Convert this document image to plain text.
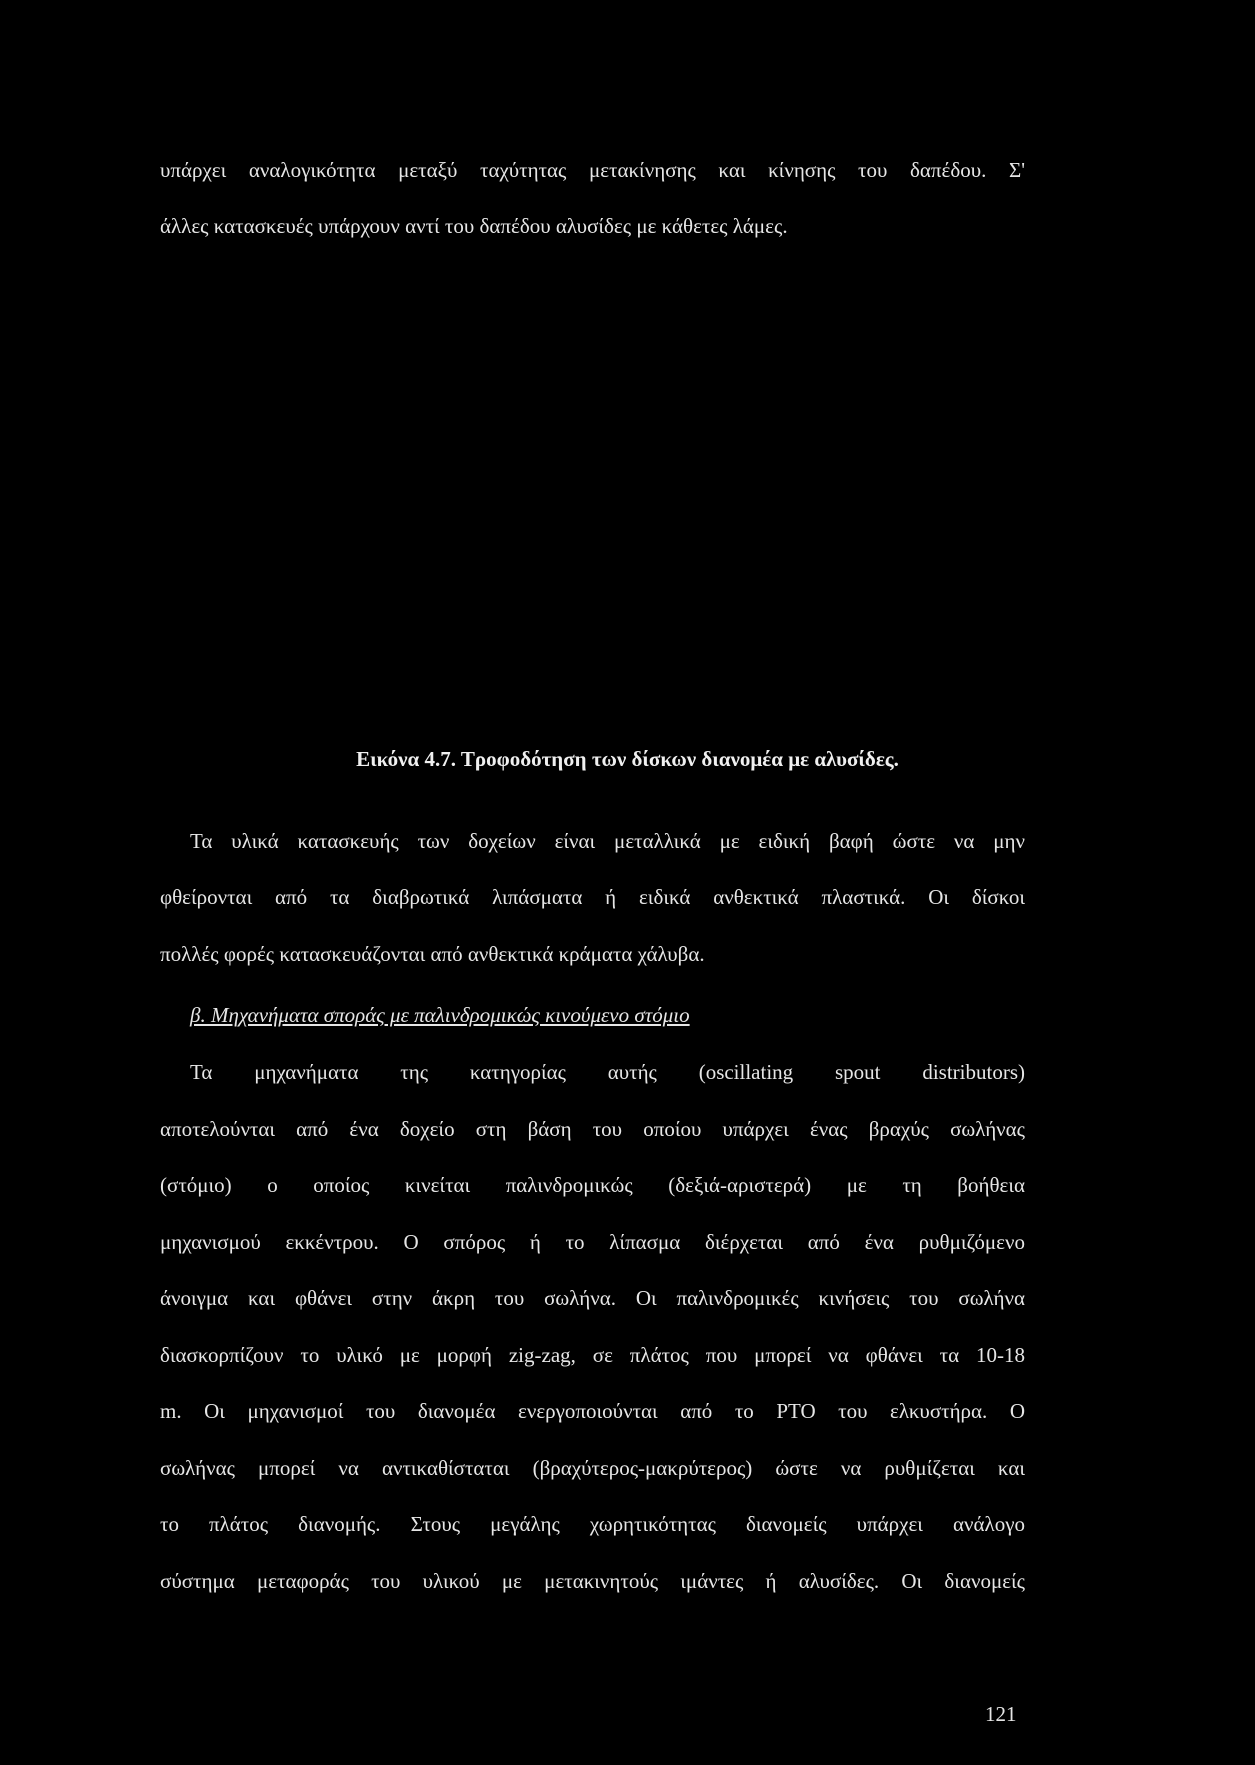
υπάρχει αναλογικότητα μεταξύ ταχύτητας μετακίνησης και κίνησης του δαπέδου. Σ'
άλλες κατασκευές υπάρχουν αντί του δαπέδου αλυσίδες με κάθετες λάμες.
Εικόνα 4.7. Τροφοδότηση των δίσκων διανομέα με αλυσίδες.
Τα υλικά κατασκευής των δοχείων είναι μεταλλικά με ειδική βαφή ώστε να μην
φθείρονται από τα διαβρωτικά λιπάσματα ή ειδικά ανθεκτικά πλαστικά. Οι δίσκοι
πολλές φορές κατασκευάζονται από ανθεκτικά κράματα χάλυβα.
β. Μηχανήματα σποράς με παλινδρομικώς κινούμενο στόμιο
Τα μηχανήματα της κατηγορίας αυτής (oscillating spout distributors)
αποτελούνται από ένα δοχείο στη βάση του οποίου υπάρχει ένας βραχύς σωλήνας
(στόμιο) ο οποίος κινείται παλινδρομικώς (δεξιά-αριστερά) με τη βοήθεια
μηχανισμού εκκέντρου. Ο σπόρος ή το λίπασμα διέρχεται από ένα ρυθμιζόμενο
άνοιγμα και φθάνει στην άκρη του σωλήνα. Οι παλινδρομικές κινήσεις του σωλήνα
διασκορπίζουν το υλικό με μορφή zig-zag, σε πλάτος που μπορεί να φθάνει τα 10-18
m. Οι μηχανισμοί του διανομέα ενεργοποιούνται από το PTO του ελκυστήρα. Ο
σωλήνας μπορεί να αντικαθίσταται (βραχύτερος-μακρύτερος) ώστε να ρυθμίζεται και
το πλάτος διανομής. Στους μεγάλης χωρητικότητας διανομείς υπάρχει ανάλογο
σύστημα μεταφοράς του υλικού με μετακινητούς ιμάντες ή αλυσίδες. Οι διανομείς
121
